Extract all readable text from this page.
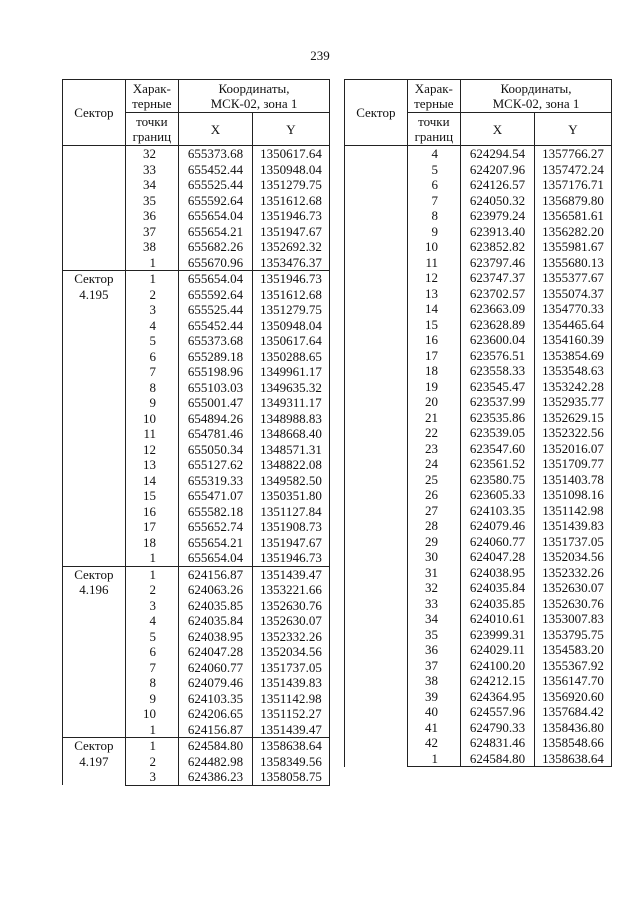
239
Сектор	Харак-
терные	Координаты,
МСК-02, зона 1	
	точки
границ	X	Y
	32	655373.68	1350617.64
	33	655452.44	1350948.04
	34	655525.44	1351279.75
	35	655592.64	1351612.68
	36	655654.04	1351946.73
	37	655654.21	1351947.67
	38	655682.26	1352692.32
	1	655670.96	1353476.37
Сектор
4.195	1	655654.04	1351946.73
	2	655592.64	1351612.68
	3	655525.44	1351279.75
	4	655452.44	1350948.04
	5	655373.68	1350617.64
	6	655289.18	1350288.65
	7	655198.96	1349961.17
	8	655103.03	1349635.32
	9	655001.47	1349311.17
	10	654894.26	1348988.83
	11	654781.46	1348668.40
	12	655050.34	1348571.31
	13	655127.62	1348822.08
	14	655319.33	1349582.50
	15	655471.07	1350351.80
	16	655582.18	1351127.84
	17	655652.74	1351908.73
	18	655654.21	1351947.67
	1	655654.04	1351946.73
Сектор
4.196	1	624156.87	1351439.47
	2	624063.26	1353221.66
	3	624035.85	1352630.76
	4	624035.84	1352630.07
	5	624038.95	1352332.26
	6	624047.28	1352034.56
	7	624060.77	1351737.05
	8	624079.46	1351439.83
	9	624103.35	1351142.98
	10	624206.65	1351152.27
	1	624156.87	1351439.47
Сектор
4.197	1	624584.80	1358638.64
	2	624482.98	1358349.56
	3	624386.23	1358058.75
Сектор	Харак-
терные	Координаты,
МСК-02, зона 1	
	точки
границ	X	Y
	4	624294.54	1357766.27
	5	624207.96	1357472.24
	6	624126.57	1357176.71
	7	624050.32	1356879.80
	8	623979.24	1356581.61
	9	623913.40	1356282.20
	10	623852.82	1355981.67
	11	623797.46	1355680.13
	12	623747.37	1355377.67
	13	623702.57	1355074.37
	14	623663.09	1354770.33
	15	623628.89	1354465.64
	16	623600.04	1354160.39
	17	623576.51	1353854.69
	18	623558.33	1353548.63
	19	623545.47	1353242.28
	20	623537.99	1352935.77
	21	623535.86	1352629.15
	22	623539.05	1352322.56
	23	623547.60	1352016.07
	24	623561.52	1351709.77
	25	623580.75	1351403.78
	26	623605.33	1351098.16
	27	624103.35	1351142.98
	28	624079.46	1351439.83
	29	624060.77	1351737.05
	30	624047.28	1352034.56
	31	624038.95	1352332.26
	32	624035.84	1352630.07
	33	624035.85	1352630.76
	34	624010.61	1353007.83
	35	623999.31	1353795.75
	36	624029.11	1354583.20
	37	624100.20	1355367.92
	38	624212.15	1356147.70
	39	624364.95	1356920.60
	40	624557.96	1357684.42
	41	624790.33	1358436.80
	42	624831.46	1358548.66
	1	624584.80	1358638.64
